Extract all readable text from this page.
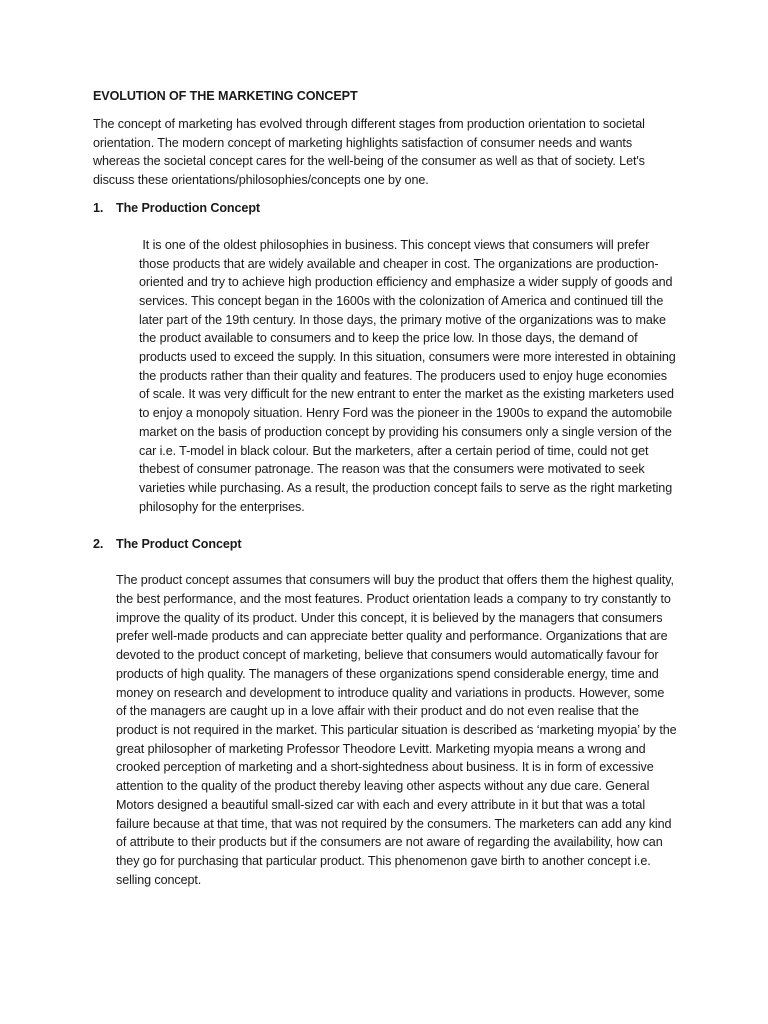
EVOLUTION OF THE MARKETING CONCEPT

The concept of marketing has evolved through different stages from production orientation to societal orientation. The modern concept of marketing highlights satisfaction of consumer needs and wants whereas the societal concept cares for the well-being of the consumer as well as that of society. Let's discuss these orientations/philosophies/concepts one by one.

1.	The Production Concept

It is one of the oldest philosophies in business. This concept views that consumers will prefer those products that are widely available and cheaper in cost. The organizations are production-oriented and try to achieve high production efficiency and emphasize a wider supply of goods and services. This concept began in the 1600s with the colonization of America and continued till the later part of the 19th century. In those days, the primary motive of the organizations was to make the product available to consumers and to keep the price low. In those days, the demand of products used to exceed the supply. In this situation, consumers were more interested in obtaining the products rather than their quality and features. The producers used to enjoy huge economies of scale. It was very difficult for the new entrant to enter the market as the existing marketers used to enjoy a monopoly situation. Henry Ford was the pioneer in the 1900s to expand the automobile market on the basis of production concept by providing his consumers only a single version of the car i.e. T-model in black colour. But the marketers, after a certain period of time, could not get thebest of consumer patronage. The reason was that the consumers were motivated to seek varieties while purchasing. As a result, the production concept fails to serve as the right marketing philosophy for the enterprises.

2.	The Product Concept

The product concept assumes that consumers will buy the product that offers them the highest quality, the best performance, and the most features. Product orientation leads a company to try constantly to improve the quality of its product. Under this concept, it is believed by the managers that consumers prefer well-made products and can appreciate better quality and performance. Organizations that are devoted to the product concept of marketing, believe that consumers would automatically favour for products of high quality. The managers of these organizations spend considerable energy, time and money on research and development to introduce quality and variations in products. However, some of the managers are caught up in a love affair with their product and do not even realise that the product is not required in the market. This particular situation is described as ‘marketing myopia’ by the great philosopher of marketing Professor Theodore Levitt. Marketing myopia means a wrong and crooked perception of marketing and a short-sightedness about business. It is in form of excessive attention to the quality of the product thereby leaving other aspects without any due care. General Motors designed a beautiful small-sized car with each and every attribute in it but that was a total failure because at that time, that was not required by the consumers. The marketers can add any kind of attribute to their products but if the consumers are not aware of regarding the availability, how can they go for purchasing that particular product. This phenomenon gave birth to another concept i.e. selling concept.
